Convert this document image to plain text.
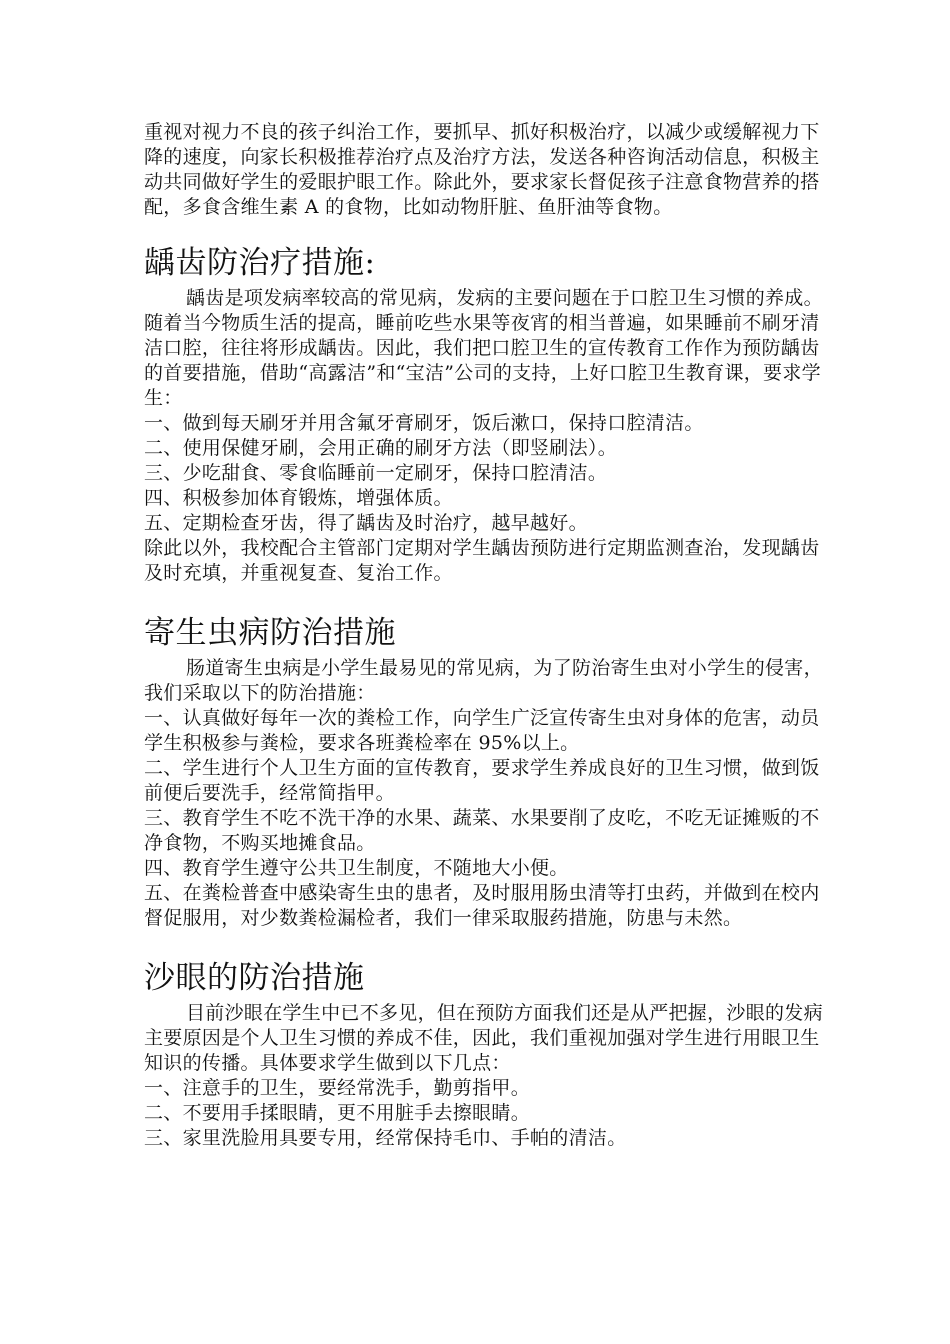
重视对视力不良的孩子纠治工作，要抓早、抓好积极治疗，以减少或缓解视力下降的速度，向家长积极推荐治疗点及治疗方法，发送各种咨询活动信息，积极主动共同做好学生的爱眼护眼工作。除此外，要求家长督促孩子注意食物营养的搭配，多食含维生素 A 的食物，比如动物肝脏、鱼肝油等食物。

龋齿防治疗措施:

龋齿是项发病率较高的常见病，发病的主要问题在于口腔卫生习惯的养成。随着当今物质生活的提高，睡前吃些水果等夜宵的相当普遍，如果睡前不刷牙清洁口腔，往往将形成龋齿。因此，我们把口腔卫生的宣传教育工作作为预防龋齿的首要措施，借助“高露洁”和“宝洁”公司的支持，上好口腔卫生教育课，要求学生：

一、做到每天刷牙并用含氟牙膏刷牙，饭后漱口，保持口腔清洁。

二、使用保健牙刷，会用正确的刷牙方法（即竖刷法）。

三、少吃甜食、零食临睡前一定刷牙，保持口腔清洁。

四、积极参加体育锻炼，增强体质。

五、定期检查牙齿，得了龋齿及时治疗，越早越好。

除此以外，我校配合主管部门定期对学生龋齿预防进行定期监测查治，发现龋齿及时充填，并重视复查、复治工作。

寄生虫病防治措施

肠道寄生虫病是小学生最易见的常见病，为了防治寄生虫对小学生的侵害，我们采取以下的防治措施：

一、认真做好每年一次的粪检工作，向学生广泛宣传寄生虫对身体的危害，动员学生积极参与粪检，要求各班粪检率在 95%以上。

二、学生进行个人卫生方面的宣传教育，要求学生养成良好的卫生习惯，做到饭前便后要洗手，经常简指甲。

三、教育学生不吃不洗干净的水果、蔬菜、水果要削了皮吃，不吃无证摊贩的不净食物，不购买地摊食品。

四、教育学生遵守公共卫生制度，不随地大小便。

五、在粪检普查中感染寄生虫的患者，及时服用肠虫清等打虫药，并做到在校内督促服用，对少数粪检漏检者，我们一律采取服药措施，防患与未然。

沙眼的防治措施

目前沙眼在学生中已不多见，但在预防方面我们还是从严把握，沙眼的发病主要原因是个人卫生习惯的养成不佳，因此，我们重视加强对学生进行用眼卫生知识的传播。具体要求学生做到以下几点：

一、注意手的卫生，要经常洗手，勤剪指甲。

二、不要用手揉眼睛，更不用脏手去擦眼睛。

三、家里洗脸用具要专用，经常保持毛巾、手帕的清洁。
